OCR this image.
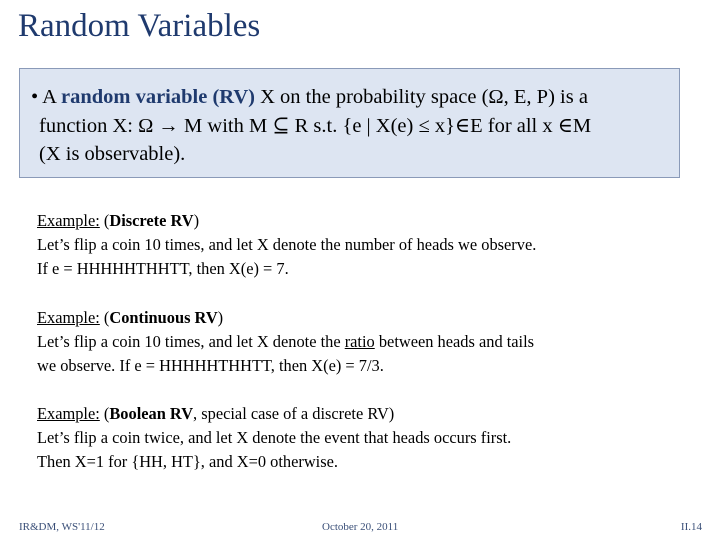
Random Variables
• A random variable (RV) X on the probability space (Ω, E, P) is a
function X: Ω → M with M ⊆ R s.t. {e | X(e) ≤ x}∈E for all x ∈M
(X is observable).
Example: (Discrete RV)
Let’s flip a coin 10 times, and let X denote the number of heads we observe.
If e = HHHHHTHHTT, then X(e) = 7.
Example: (Continuous RV)
Let’s flip a coin 10 times, and let X denote the ratio between heads and tails
we observe. If e = HHHHHTHHTT, then X(e) = 7/3.
Example: (Boolean RV, special case of a discrete RV)
Let’s flip a coin twice, and let X denote the event that heads occurs first.
Then X=1 for {HH, HT}, and X=0 otherwise.
IR&DM, WS'11/12	October 20, 2011	II.14
